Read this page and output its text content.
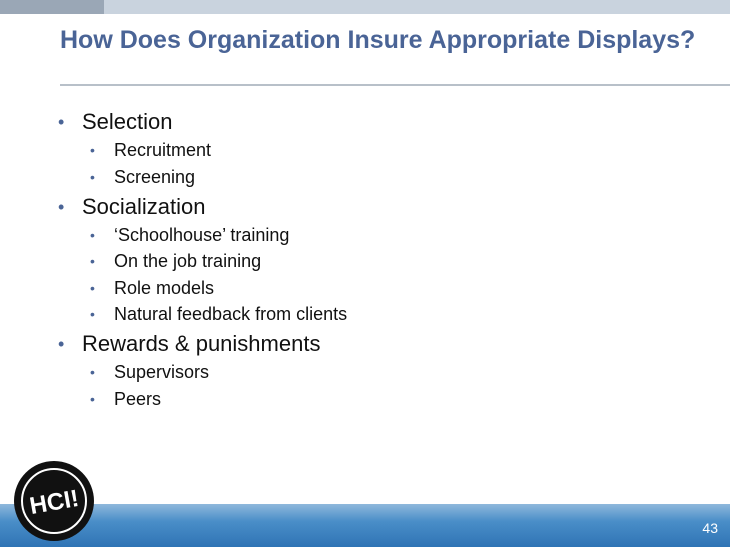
How Does Organization Insure Appropriate Displays?
• Selection
• Recruitment
• Screening
• Socialization
• ‘Schoolhouse’ training
• On the job training
• Role models
• Natural feedback from clients
• Rewards & punishments
• Supervisors
• Peers
43
HCI!
